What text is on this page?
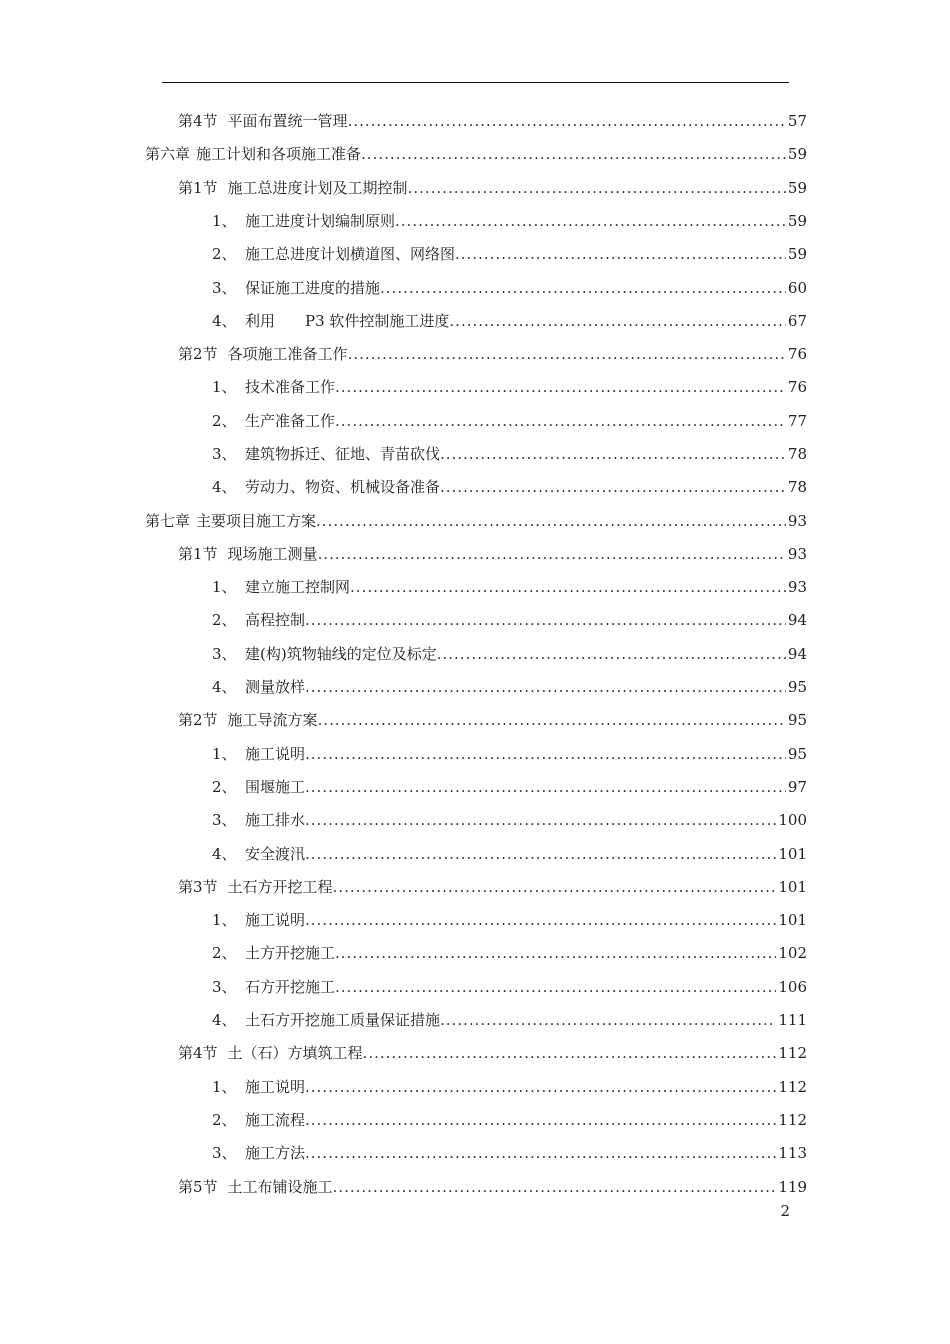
第4节 平面布置统一管理 .....	57
第六章 施工计划和各项施工准备 .....	59
第1节 施工总进度计划及工期控制 .....	59
1、 施工进度计划编制原则 .....	59
2、 施工总进度计划横道图、网络图 .....	59
3、 保证施工进度的措施 .....	60
4、 利用　　P3 软件控制施工进度 .....	67
第2节 各项施工准备工作 .....	76
1、 技术准备工作 .....	76
2、 生产准备工作 .....	77
3、 建筑物拆迁、征地、青苗砍伐 .....	78
4、 劳动力、物资、机械设备准备 .....	78
第七章 主要项目施工方案 .....	93
第1节 现场施工测量 .....	93
1、 建立施工控制网 .....	93
2、 高程控制 .....	94
3、 建(构)筑物轴线的定位及标定 .....	94
4、 测量放样 .....	95
第2节 施工导流方案 .....	95
1、 施工说明 .....	95
2、 围堰施工 .....	97
3、 施工排水 .....	100
4、 安全渡汛 .....	101
第3节 土石方开挖工程 .....	101
1、 施工说明 .....	101
2、 土方开挖施工 .....	102
3、 石方开挖施工 .....	106
4、 土石方开挖施工质量保证措施 .....	111
第4节 土（石）方填筑工程 .....	112
1、 施工说明 .....	112
2、 施工流程 .....	112
3、 施工方法 .....	113
第5节 土工布铺设施工 .....	119
2
